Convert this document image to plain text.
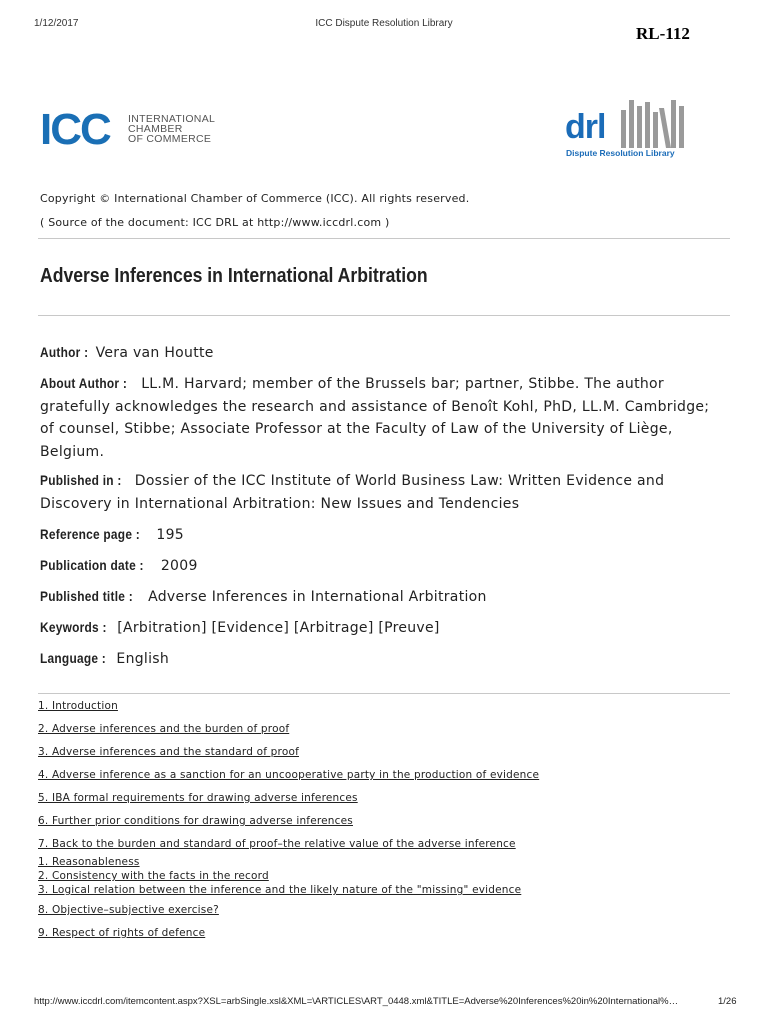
1/12/2017	ICC Dispute Resolution Library
RL-112
ICC INTERNATIONAL
CHAMBER
OF COMMERCE	drl
Dispute Resolution Library
Copyright © International Chamber of Commerce (ICC). All rights reserved.
( Source of the document: ICC DRL at http://www.iccdrl.com )
Adverse Inferences in International Arbitration
Author : Vera van Houtte
About Author : LL.M. Harvard; member of the Brussels bar; partner, Stibbe. The author gratefully acknowledges the research and assistance of Benoît Kohl, PhD, LL.M. Cambridge; of counsel, Stibbe; Associate Professor at the Faculty of Law of the University of Liège, Belgium.
Published in : Dossier of the ICC Institute of World Business Law: Written Evidence and Discovery in International Arbitration: New Issues and Tendencies
Reference page : 195
Publication date : 2009
Published title : Adverse Inferences in International Arbitration
Keywords : [Arbitration] [Evidence] [Arbitrage] [Preuve]
Language : English
1. Introduction
2. Adverse inferences and the burden of proof
3. Adverse inferences and the standard of proof
4. Adverse inference as a sanction for an uncooperative party in the production of evidence
5. IBA formal requirements for drawing adverse inferences
6. Further prior conditions for drawing adverse inferences
7. Back to the burden and standard of proof–the relative value of the adverse inference
1. Reasonableness
2. Consistency with the facts in the record
3. Logical relation between the inference and the likely nature of the "missing" evidence
8. Objective–subjective exercise?
9. Respect of rights of defence
http://www.iccdrl.com/itemcontent.aspx?XSL=arbSingle.xsl&XML=\ARTICLES\ART_0448.xml&TITLE=Adverse%20Inferences%20in%20International%…	1/26
